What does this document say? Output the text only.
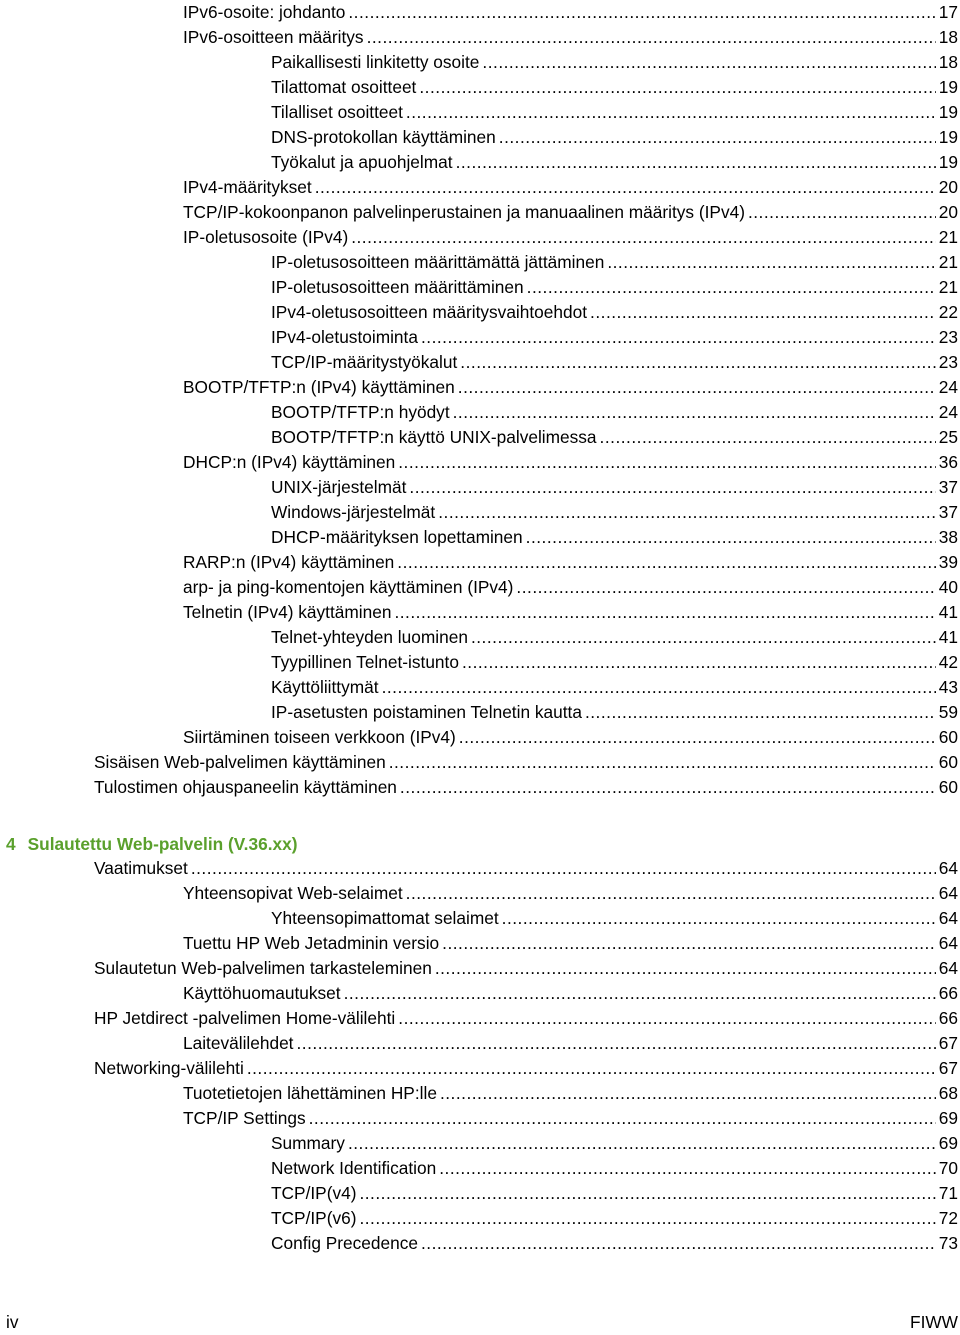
IPv6-osoite: johdanto .....	17
IPv6-osoitteen määritys .....	18
Paikallisesti linkitetty osoite .....	18
Tilattomat osoitteet .....	19
Tilalliset osoitteet .....	19
DNS-protokollan käyttäminen .....	19
Työkalut ja apuohjelmat .....	19
IPv4-määritykset .....	20
TCP/IP-kokoonpanon palvelinperustainen ja manuaalinen määritys (IPv4) .....	20
IP-oletusosoite (IPv4) .....	21
IP-oletusosoitteen määrittämättä jättäminen .....	21
IP-oletusosoitteen määrittäminen .....	21
IPv4-oletusosoitteen määritysvaihtoehdot .....	22
IPv4-oletustoiminta .....	23
TCP/IP-määritystyökalut .....	23
BOOTP/TFTP:n (IPv4) käyttäminen .....	24
BOOTP/TFTP:n hyödyt .....	24
BOOTP/TFTP:n käyttö UNIX-palvelimessa .....	25
DHCP:n (IPv4) käyttäminen .....	36
UNIX-järjestelmät .....	37
Windows-järjestelmät .....	37
DHCP-määrityksen lopettaminen .....	38
RARP:n (IPv4) käyttäminen .....	39
arp- ja ping-komentojen käyttäminen (IPv4) .....	40
Telnetin (IPv4) käyttäminen .....	41
Telnet-yhteyden luominen .....	41
Tyypillinen Telnet-istunto .....	42
Käyttöliittymät .....	43
IP-asetusten poistaminen Telnetin kautta .....	59
Siirtäminen toiseen verkkoon (IPv4) .....	60
Sisäisen Web-palvelimen käyttäminen .....	60
Tulostimen ohjauspaneelin käyttäminen .....	60
4 Sulautettu Web-palvelin (V.36.xx)
Vaatimukset .....	64
Yhteensopivat Web-selaimet .....	64
Yhteensopimattomat selaimet .....	64
Tuettu HP Web Jetadminin versio .....	64
Sulautetun Web-palvelimen tarkasteleminen .....	64
Käyttöhuomautukset .....	66
HP Jetdirect -palvelimen Home-välilehti .....	66
Laitevälilehdet .....	67
Networking-välilehti .....	67
Tuotetietojen lähettäminen HP:lle .....	68
TCP/IP Settings .....	69
Summary .....	69
Network Identification .....	70
TCP/IP(v4) .....	71
TCP/IP(v6) .....	72
Config Precedence .....	73
iv	FIWW
